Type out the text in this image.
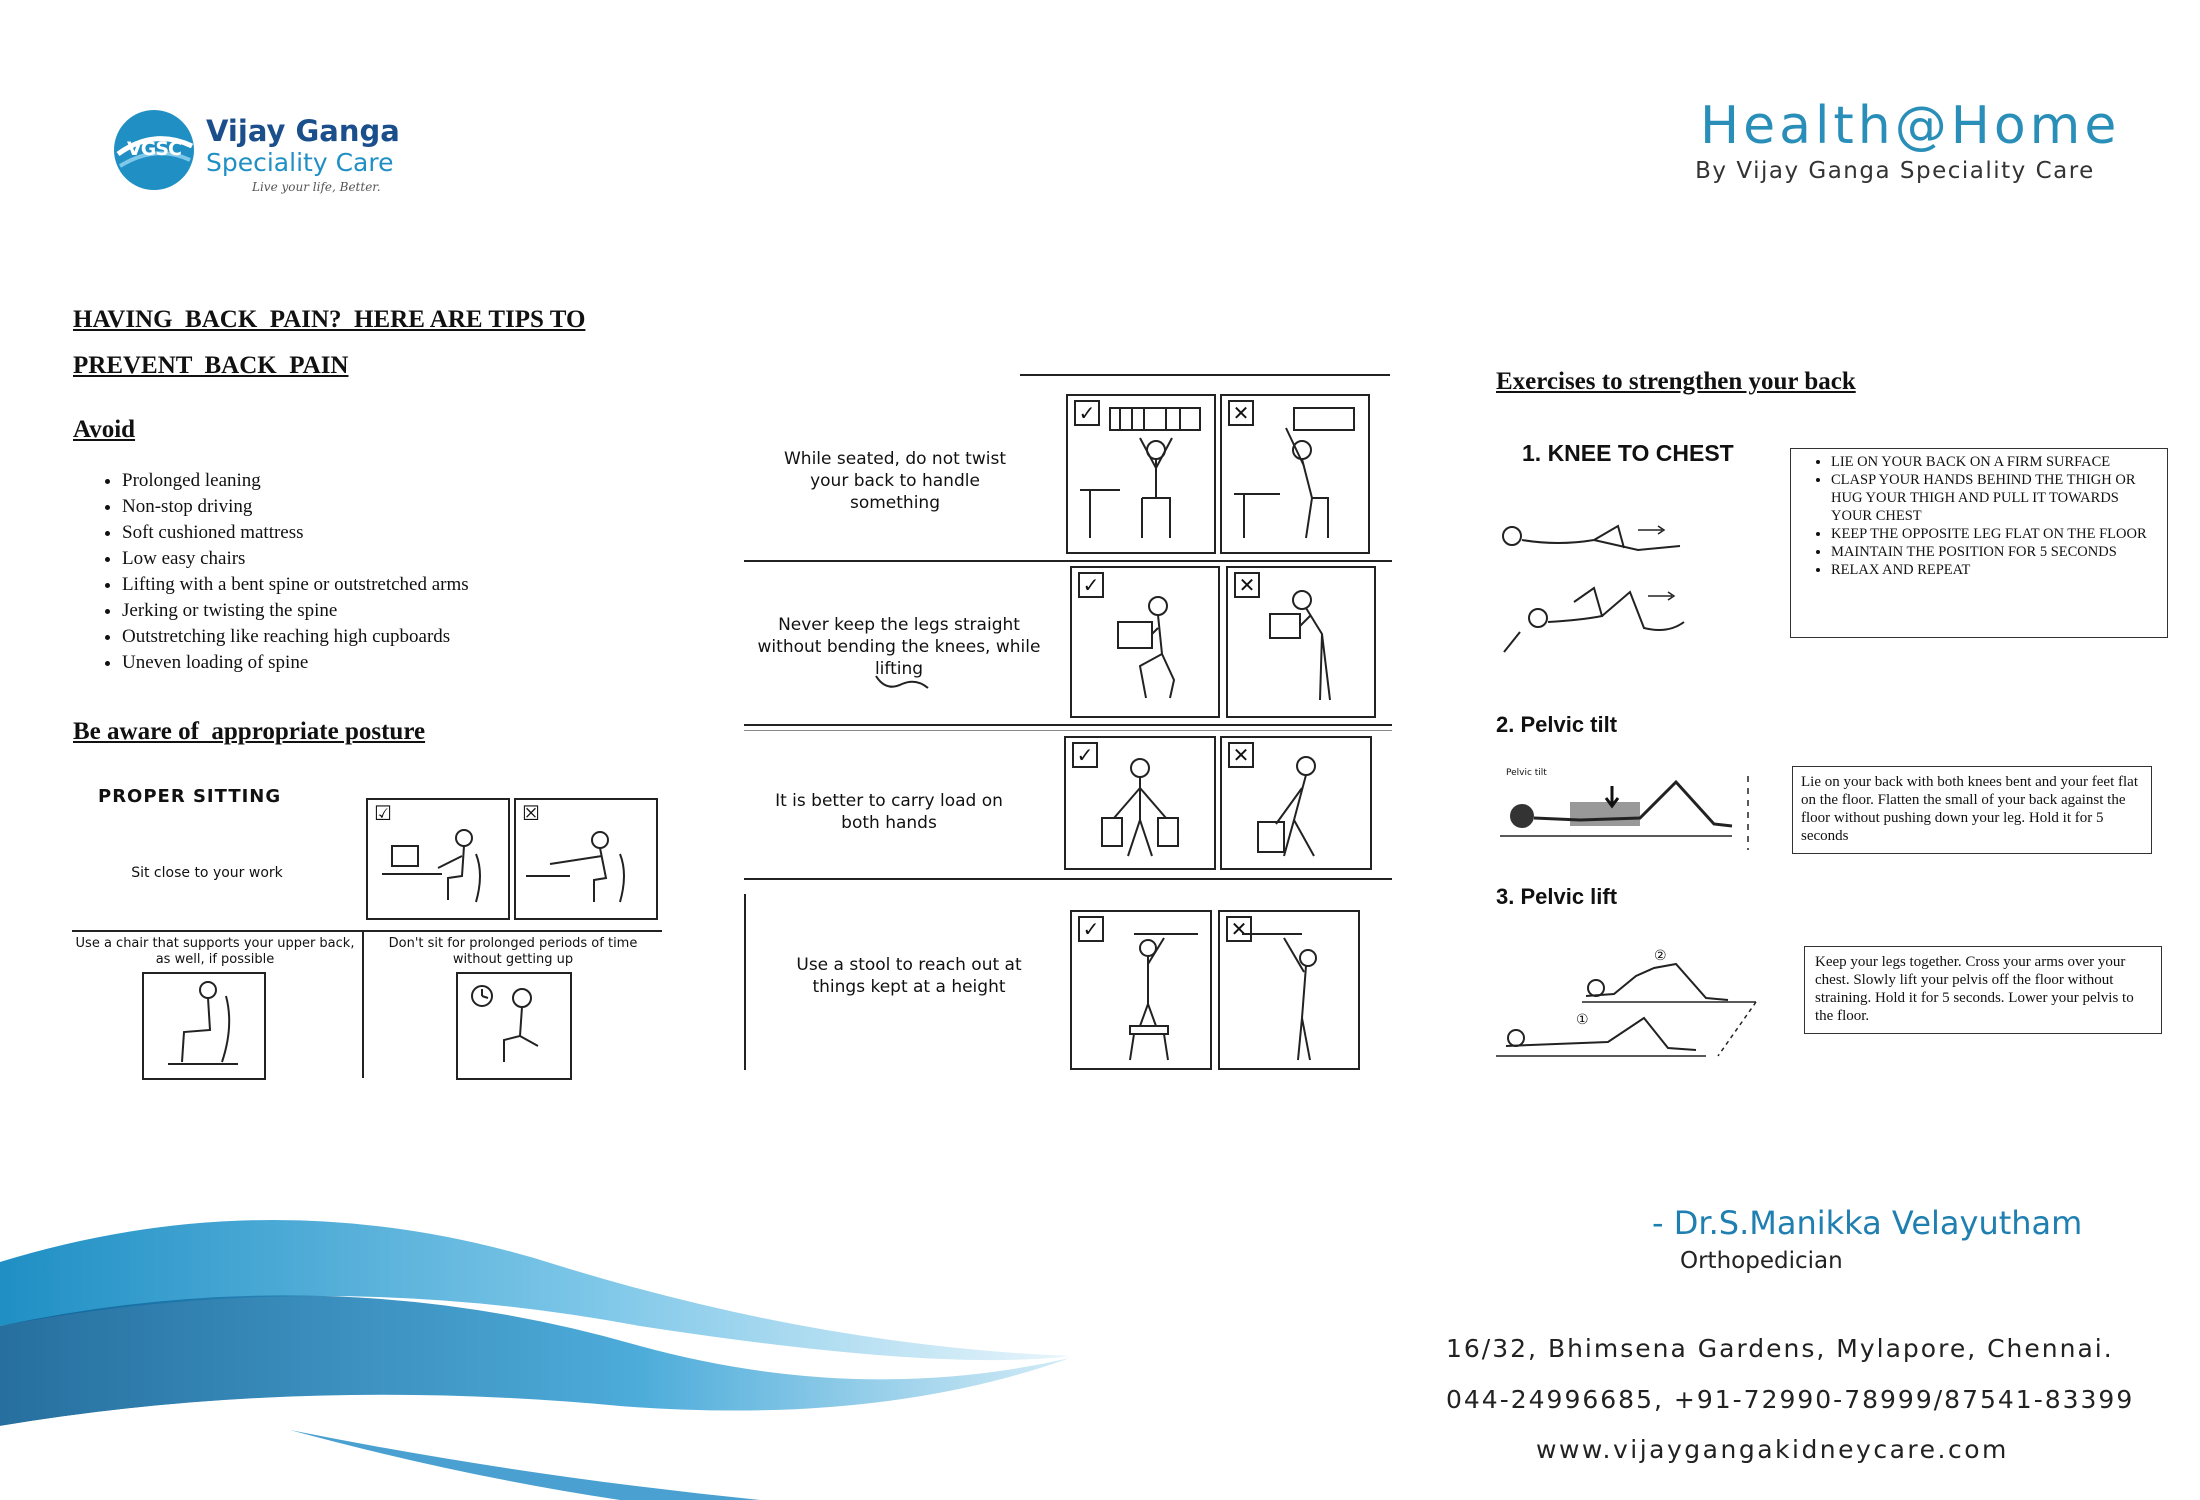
VGSC
Vijay Ganga
Speciality Care
Live your life, Better.
Health@Home
By Vijay Ganga Speciality Care
HAVING  BACK  PAIN?  HERE ARE TIPS TO
PREVENT  BACK  PAIN
Avoid
• Prolonged leaning
• Non-stop driving
• Soft cushioned mattress
• Low easy chairs
• Lifting with a bent spine or outstretched arms
• Jerking or twisting the spine
• Outstretching like reaching high cupboards
• Uneven loading of spine
Be aware of  appropriate posture
PROPER SITTING
Sit close to your work
☑	☒
Use a chair that supports your upper back, as well, if possible
Don't sit for prolonged periods of time without getting up
While seated, do not twist your back to handle something
✓	✕
Never keep the legs straight without bending the knees, while lifting
✓	✕
It is better to carry load on both hands
✓	✕
Use a stool to reach out at things kept at a height
✓	✕
Exercises to strengthen your back
1. KNEE TO CHEST
•	LIE ON YOUR BACK ON A FIRM SURFACE
• CLASP YOUR HANDS BEHIND THE THIGH OR HUG YOUR THIGH AND PULL IT TOWARDS YOUR CHEST
• KEEP THE OPPOSITE LEG FLAT ON THE FLOOR
• MAINTAIN THE POSITION FOR 5 SECONDS
• RELAX AND REPEAT
2. Pelvic tilt
Pelvic tilt
Lie on your back with both knees bent and your feet flat on the floor. Flatten the small of your back against the floor without pushing down your leg. Hold it for 5 seconds
3. Pelvic lift
②
①
Keep your legs together. Cross your arms over your chest. Slowly lift your pelvis off the floor without straining. Hold it for 5 seconds. Lower your pelvis to the floor.
- Dr.S.Manikka Velayutham
Orthopedician
16/32, Bhimsena Gardens, Mylapore, Chennai.
044-24996685, +91-72990-78999/87541-83399
www.vijaygangakidneycare.com
